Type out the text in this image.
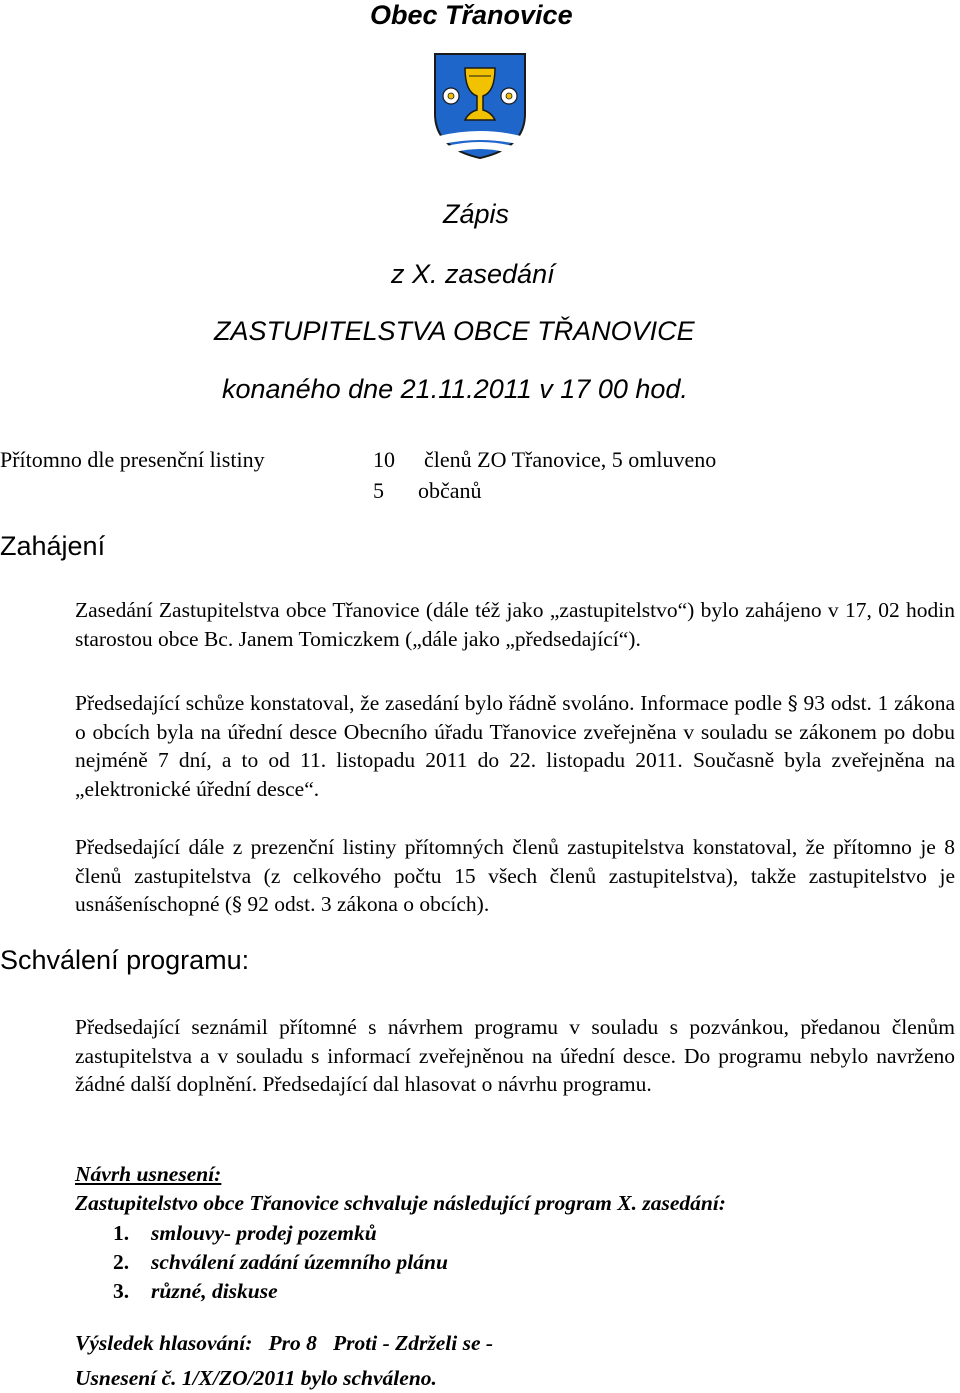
Obec Třanovice
Zápis
z X. zasedání
ZASTUPITELSTVA OBCE TŘANOVICE
konaného dne 21.11.2011 v 17 00 hod.
Přítomno dle presenční listiny	10 členů ZO Třanovice, 5 omluveno
5 občanů
Zahájení
Zasedání Zastupitelstva obce Třanovice (dále též jako „zastupitelstvo“) bylo zahájeno v 17, 02 hodin starostou obce Bc. Janem Tomiczkem („dále jako „předsedající“).
Předsedající schůze konstatoval, že zasedání bylo řádně svoláno. Informace podle § 93 odst. 1 zákona o obcích byla na úřední desce Obecního úřadu Třanovice zveřejněna v souladu se zákonem po dobu nejméně 7 dní, a to od 11. listopadu 2011 do 22. listopadu 2011. Současně byla zveřejněna na „elektronické úřední desce“.
Předsedající dále z prezenční listiny přítomných členů zastupitelstva konstatoval, že přítomno je 8 členů zastupitelstva (z celkového počtu 15 všech členů zastupitelstva), takže zastupitelstvo je usnášeníschopné (§ 92 odst. 3 zákona o obcích).
Schválení programu:
Předsedající seznámil přítomné s návrhem programu v souladu s pozvánkou, předanou členům zastupitelstva a v souladu s informací zveřejněnou na úřední desce. Do programu nebylo navrženo žádné další doplnění. Předsedající dal hlasovat o návrhu programu.
Návrh usnesení:
Zastupitelstvo obce Třanovice schvaluje následující program X. zasedání:
1. smlouvy- prodej pozemků
2. schválení zadání územního plánu
3. různé, diskuse
Výsledek hlasování: Pro 8 Proti - Zdrželi se -
Usnesení č. 1/X/ZO/2011 bylo schváleno.
